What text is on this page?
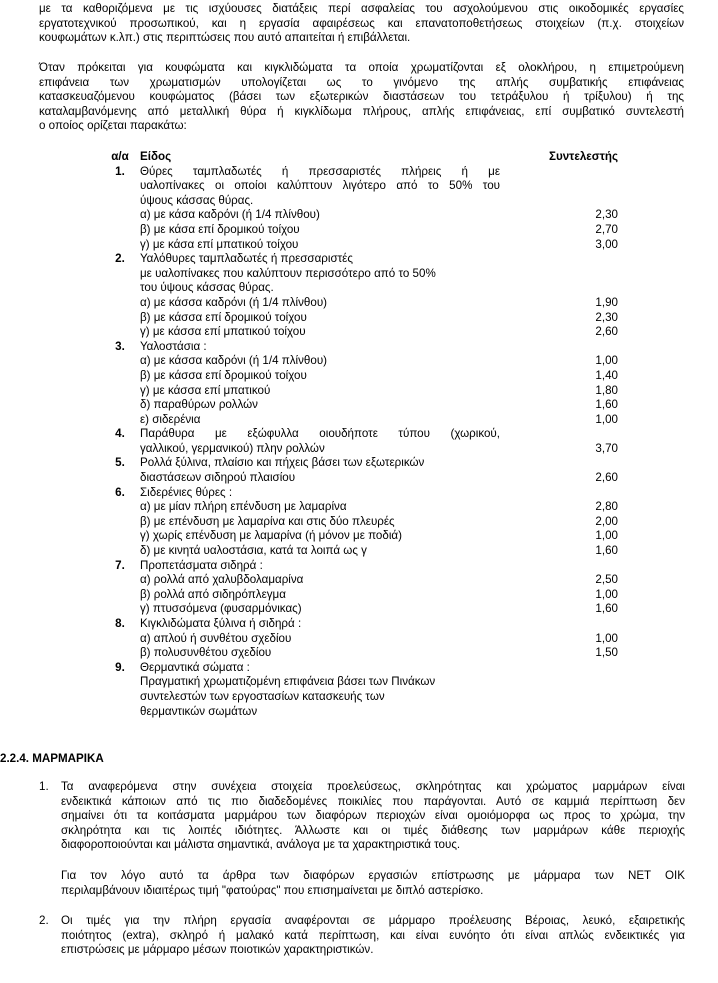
με τα καθοριζόμενα με τις ισχύουσες διατάξεις περί ασφαλείας του ασχολούμενου στις οικοδομικές εργασίες
εργατοτεχνικού προσωπικού, και η εργασία αφαιρέσεως και επανατοποθετήσεως στοιχείων (π.χ. στοιχείων
κουφωμάτων κ.λπ.) στις περιπτώσεις που αυτό απαιτείται ή επιβάλλεται.
Όταν πρόκειται για κουφώματα και κιγκλιδώματα τα οποία χρωματίζονται εξ ολοκλήρου, η επιμετρούμενη
επιφάνεια των χρωματισμών υπολογίζεται ως το γινόμενο της απλής συμβατικής επιφάνειας
κατασκευαζόμενου κουφώματος (βάσει των εξωτερικών διαστάσεων του τετράξυλου ή τρίξυλου) ή της
καταλαμβανόμενης από μεταλλική θύρα ή κιγκλίδωμα πλήρους, απλής επιφάνειας, επί συμβατικό συντελεστή
ο οποίος ορίζεται παρακάτω:
α/α	Είδος	Συντελεστής
1.	Θύρες ταμπλαδωτές ή πρεσσαριστές πλήρεις ή με	
	υαλοπίνακες οι οποίοι καλύπτουν λιγότερο από το 50% του	
	ύψους κάσσας θύρας.	
	α) με κάσα καδρόνι (ή 1/4 πλίνθου)	2,30
	β) με κάσα επί δρομικού τοίχου	2,70
	γ) με κάσα επί μπατικού τοίχου	3,00
2.	Υαλόθυρες ταμπλαδωτές ή πρεσσαριστές	
	με υαλοπίνακες που καλύπτουν περισσότερο από το 50%	
	του ύψους κάσσας θύρας.	
	α) με κάσσα καδρόνι (ή 1/4 πλίνθου)	1,90
	β) με κάσσα επί δρομικού τοίχου	2,30
	γ) με κάσσα επί μπατικού τοίχου	2,60
3.	Υαλοστάσια :	
	α) με κάσσα καδρόνι (ή 1/4 πλίνθου)	1,00
	β) με κάσσα επί δρομικού τοίχου	1,40
	γ) με κάσσα επί μπατικού	1,80
	δ) παραθύρων ρολλών	1,60
	ε) σιδερένια	1,00
4.	Παράθυρα με εξώφυλλα οιουδήποτε τύπου (χωρικού,	
	γαλλικού, γερμανικού) πλην ρολλών	3,70
5.	Ρολλά ξύλινα, πλαίσιο και πήχεις βάσει των εξωτερικών	
	διαστάσεων σιδηρού πλαισίου	2,60
6.	Σιδερένιες θύρες :	
	α) με μίαν πλήρη επένδυση με λαμαρίνα	2,80
	β) με επένδυση με λαμαρίνα και στις δύο πλευρές	2,00
	γ) χωρίς επένδυση με λαμαρίνα (ή μόνον με ποδιά)	1,00
	δ) με κινητά υαλοστάσια, κατά τα λοιπά ως γ	1,60
7.	Προπετάσματα σιδηρά :	
	α) ρολλά από χαλυβδολαμαρίνα	2,50
	β) ρολλά από σιδηρόπλεγμα	1,00
	γ) πτυσσόμενα (φυσαρμόνικας)	1,60
8.	Κιγκλιδώματα ξύλινα ή σιδηρά :	
	α) απλού ή συνθέτου σχεδίου	1,00
	β) πολυσυνθέτου σχεδίου	1,50
9.	Θερμαντικά σώματα :	
	Πραγματική χρωματιζομένη επιφάνεια βάσει των Πινάκων	
	συντελεστών των εργοστασίων κατασκευής των	
	θερμαντικών σωμάτων	
2.2.4. ΜΑΡΜΑΡΙΚΑ
1. Τα αναφερόμενα στην συνέχεια στοιχεία προελεύσεως, σκληρότητας και χρώματος μαρμάρων είναι
ενδεικτικά κάποιων από τις πιο διαδεδομένες ποικιλίες που παράγονται. Αυτό σε καμμιά περίπτωση δεν
σημαίνει ότι τα κοιτάσματα μαρμάρου των διαφόρων περιοχών είναι ομοιόμορφα ως προς το χρώμα, την
σκληρότητα και τις λοιπές ιδιότητες. Άλλωστε και οι τιμές διάθεσης των μαρμάρων κάθε περιοχής
διαφοροποιούνται και μάλιστα σημαντικά, ανάλογα με τα χαρακτηριστικά τους.
Για τον λόγο αυτό τα άρθρα των διαφόρων εργασιών επίστρωσης με μάρμαρα των ΝΕΤ ΟΙΚ
περιλαμβάνουν ιδιαιτέρως τιμή "φατούρας" που επισημαίνεται με διπλό αστερίσκο.
2. Οι τιμές για την πλήρη εργασία αναφέρονται σε μάρμαρο προέλευσης Βέροιας, λευκό, εξαιρετικής
ποιότητος (extra), σκληρό ή μαλακό κατά περίπτωση, και είναι ευνόητο ότι είναι απλώς ενδεικτικές για
επιστρώσεις με μάρμαρο μέσων ποιοτικών χαρακτηριστικών.
